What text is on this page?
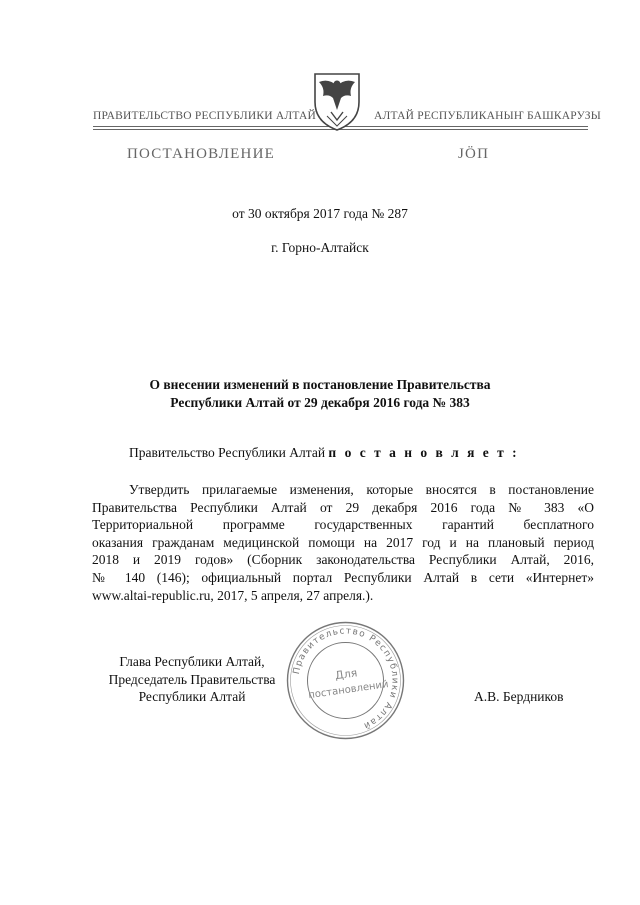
ПРАВИТЕЛЬСТВО РЕСПУБЛИКИ АЛТАЙ	АЛТАЙ РЕСПУБЛИКАНЫҤ БАШКАРУЗЫ
ПОСТАНОВЛЕНИЕ	JӦП
от 30 октября 2017 года № 287
г. Горно-Алтайск
О внесении изменений в постановление Правительства
Республики Алтай от 29 декабря 2016 года № 383
Правительство Республики Алтай п о с т а н о в л я е т :
Утвердить прилагаемые изменения, которые вносятся в постановление
Правительства Республики Алтай от 29 декабря 2016 года № 383 «О
Территориальной программе государственных гарантий бесплатного
оказания гражданам медицинской помощи на 2017 год и на плановый период
2018 и 2019 годов» (Сборник законодательства Республики Алтай, 2016,
№ 140 (146); официальный портал Республики Алтай в сети «Интернет»
www.altai-republic.ru, 2017, 5 апреля, 27 апреля.).
Глава Республики Алтай,
Председатель Правительства
Республики Алтай
Правительство Республики Алтай
Для
постановлений	А.В. Бердников
